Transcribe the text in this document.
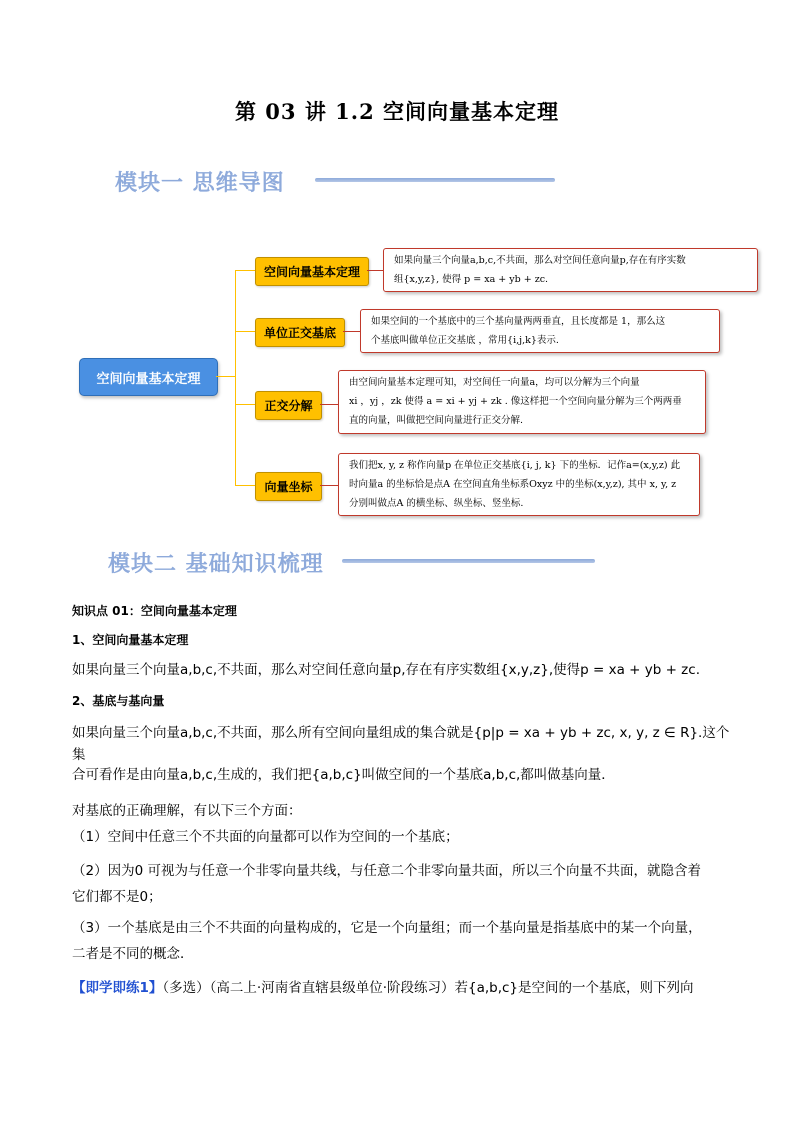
第 03 讲 1.2 空间向量基本定理
模块一 思维导图
空间向量基本定理
空间向量基本定理
如果向量三个向量a,b,c,不共面，那么对空间任意向量p,存在有序实数
组{x,y,z}, 使得 p = xa + yb + zc.
单位正交基底
如果空间的一个基底中的三个基向量两两垂直，且长度都是 1，那么这
个基底叫做单位正交基底 ，常用{i,j,k}表示.
正交分解
由空间向量基本定理可知，对空间任一向量a，均可以分解为三个向量
xi ，yj ，zk 使得 a = xi + yj + zk . 像这样把一个空间向量分解为三个两两垂
直的向量，叫做把空间向量进行正交分解.
向量坐标
我们把x, y, z 称作向量p 在单位正交基底{i, j, k} 下的坐标．记作a=(x,y,z) 此
时向量a 的坐标恰是点A 在空间直角坐标系Oxyz 中的坐标(x,y,z), 其中 x, y, z
分别叫做点A 的横坐标、纵坐标、竖坐标.
模块二 基础知识梳理
知识点 01：空间向量基本定理
1、空间向量基本定理
如果向量三个向量a,b,c,不共面，那么对空间任意向量p,存在有序实数组{x,y,z},使得p = xa + yb + zc.
2、基底与基向量
如果向量三个向量a,b,c,不共面，那么所有空间向量组成的集合就是{p|p = xa + yb + zc, x, y, z ∈ R}.这个集
合可看作是由向量a,b,c,生成的，我们把{a,b,c}叫做空间的一个基底a,b,c,都叫做基向量．
对基底的正确理解，有以下三个方面：
（1）空间中任意三个不共面的向量都可以作为空间的一个基底；
（2）因为0 可视为与任意一个非零向量共线，与任意二个非零向量共面，所以三个向量不共面，就隐含着
它们都不是0；
（3）一个基底是由三个不共面的向量构成的，它是一个向量组；而一个基向量是指基底中的某一个向量，
二者是不同的概念．
【即学即练1】（多选）（高二上·河南省直辖县级单位·阶段练习）若{a,b,c}是空间的一个基底，则下列向
